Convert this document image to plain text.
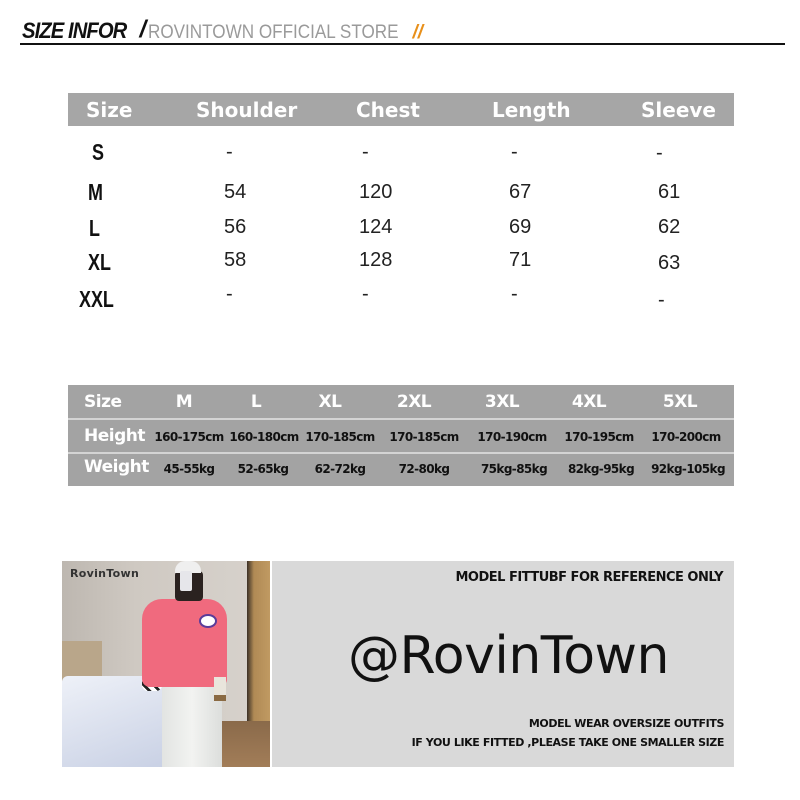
SIZE INFOR / ROVINTOWN OFFICIAL STORE //
Size	Shoulder	Chest	Length	Sleeve
S	-	-	-	-
M	54	120	67	61
L	56	124	69	62
XL	58	128	71	63
XXL	-	-	-	-
Size	M	L	XL	2XL	3XL	4XL	5XL
Height 160-175cm 160-180cm 170-185cm 170-185cm 170-190cm 170-195cm 170-200cm
Weight 45-55kg 52-65kg 62-72kg	72-80kg	75kg-85kg 82kg-95kg 92kg-105kg
RovinTown	MODEL FITTUBF FOR REFERENCE ONLY
@RovinTown
MODEL WEAR OVERSIZE OUTFITS
IF YOU LIKE FITTED ,PLEASE TAKE ONE SMALLER SIZE
